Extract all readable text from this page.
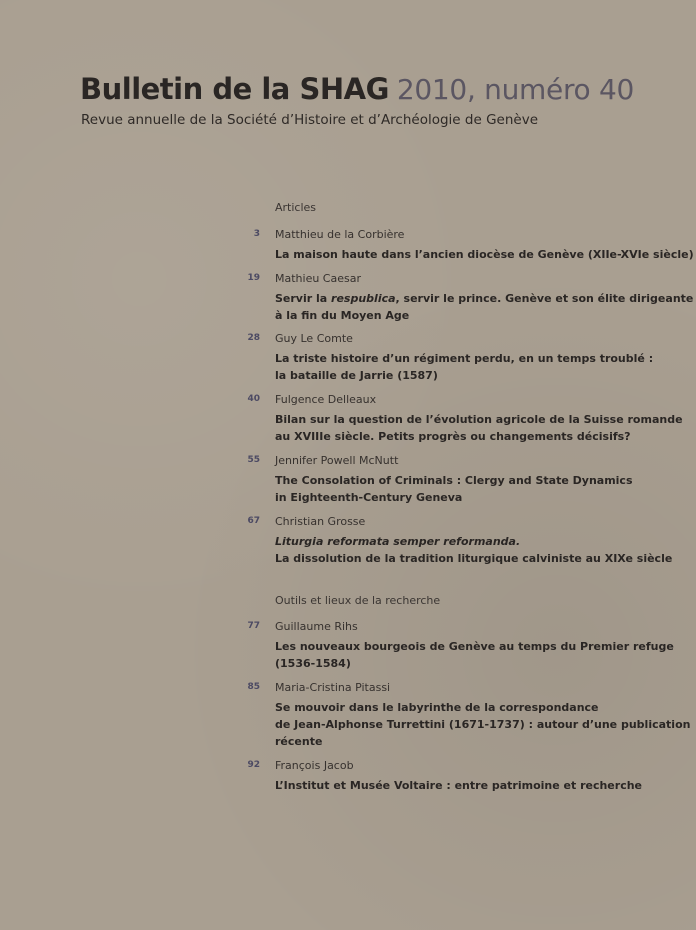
Bulletin de la SHAG 2010, numéro 40
Revue annuelle de la Société d’Histoire et d’Archéologie de Genève
Articles
3 Matthieu de la Corbière
La maison haute dans l’ancien diocèse de Genève (XIIe-XVIe siècle)
19 Mathieu Caesar
Servir la respublica, servir le prince. Genève et son élite dirigeante
à la fin du Moyen Age
28 Guy Le Comte
La triste histoire d’un régiment perdu, en un temps troublé :
la bataille de Jarrie (1587)
40 Fulgence Delleaux
Bilan sur la question de l’évolution agricole de la Suisse romande
au XVIIIe siècle. Petits progrès ou changements décisifs?
55 Jennifer Powell McNutt
The Consolation of Criminals : Clergy and State Dynamics
in Eighteenth-Century Geneva
67 Christian Grosse
Liturgia reformata semper reformanda.
La dissolution de la tradition liturgique calviniste au XIXe siècle
Outils et lieux de la recherche
77 Guillaume Rihs
Les nouveaux bourgeois de Genève au temps du Premier refuge
(1536-1584)
85 Maria-Cristina Pitassi
Se mouvoir dans le labyrinthe de la correspondance
de Jean-Alphonse Turrettini (1671-1737) : autour d’une publication
récente
92 François Jacob
L’Institut et Musée Voltaire : entre patrimoine et recherche
